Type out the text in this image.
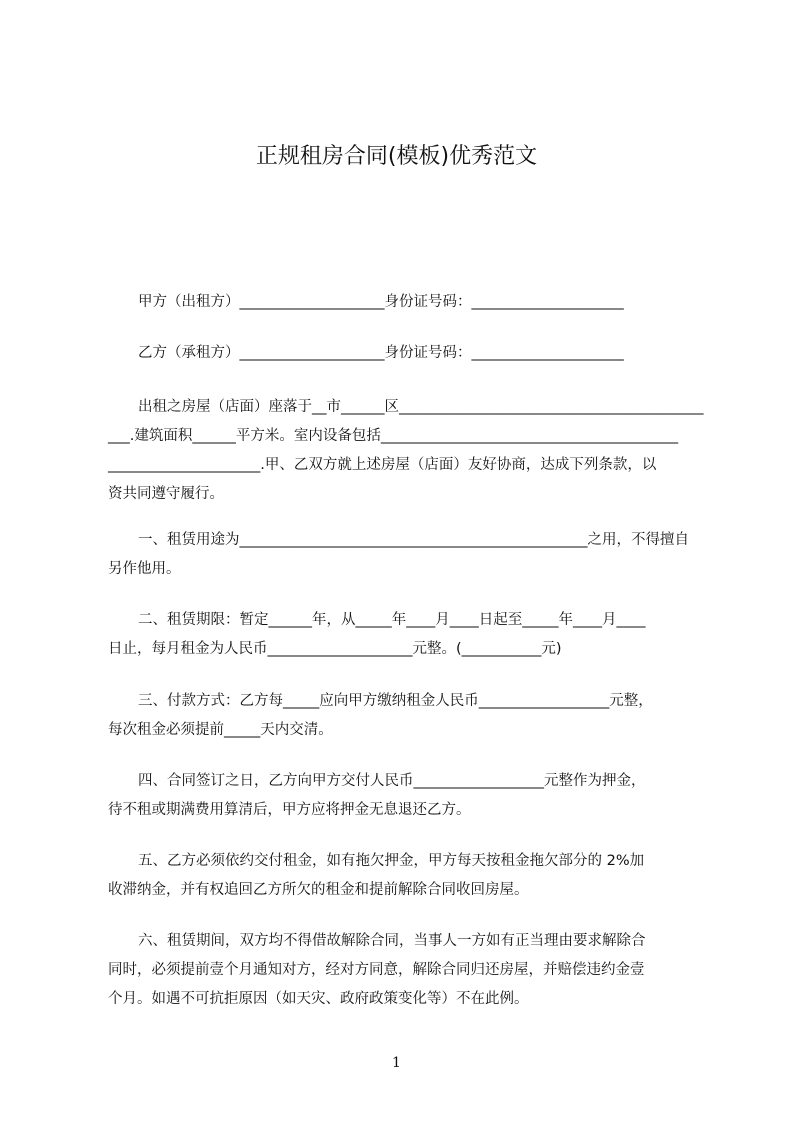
正规租房合同(模板)优秀范文
甲方（出租方）____________________身份证号码：_____________________
乙方（承租方）____________________身份证号码：_____________________
出租之房屋（店面）座落于__市______区__________________________________________
___.建筑面积______平方米。室内设备包括_________________________________________
_____________________.甲、乙双方就上述房屋（店面）友好协商，达成下列条款，以
资共同遵守履行。
一、租赁用途为________________________________________________之用，不得擅自
另作他用。
二、租赁期限：暂定______年，从_____年____月____日起至_____年____月____
日止，每月租金为人民币____________________元整。(___________元)
三、付款方式：乙方每_____应向甲方缴纳租金人民币__________________元整，
每次租金必须提前_____天内交清。
四、合同签订之日，乙方向甲方交付人民币__________________元整作为押金，
待不租或期满费用算清后，甲方应将押金无息退还乙方。
五、乙方必须依约交付租金，如有拖欠押金，甲方每天按租金拖欠部分的 2%加
收滞纳金，并有权追回乙方所欠的租金和提前解除合同收回房屋。
六、租赁期间，双方均不得借故解除合同，当事人一方如有正当理由要求解除合
同时，必须提前壹个月通知对方，经对方同意，解除合同归还房屋，并赔偿违约金壹
个月。如遇不可抗拒原因（如天灾、政府政策变化等）不在此例。
1
